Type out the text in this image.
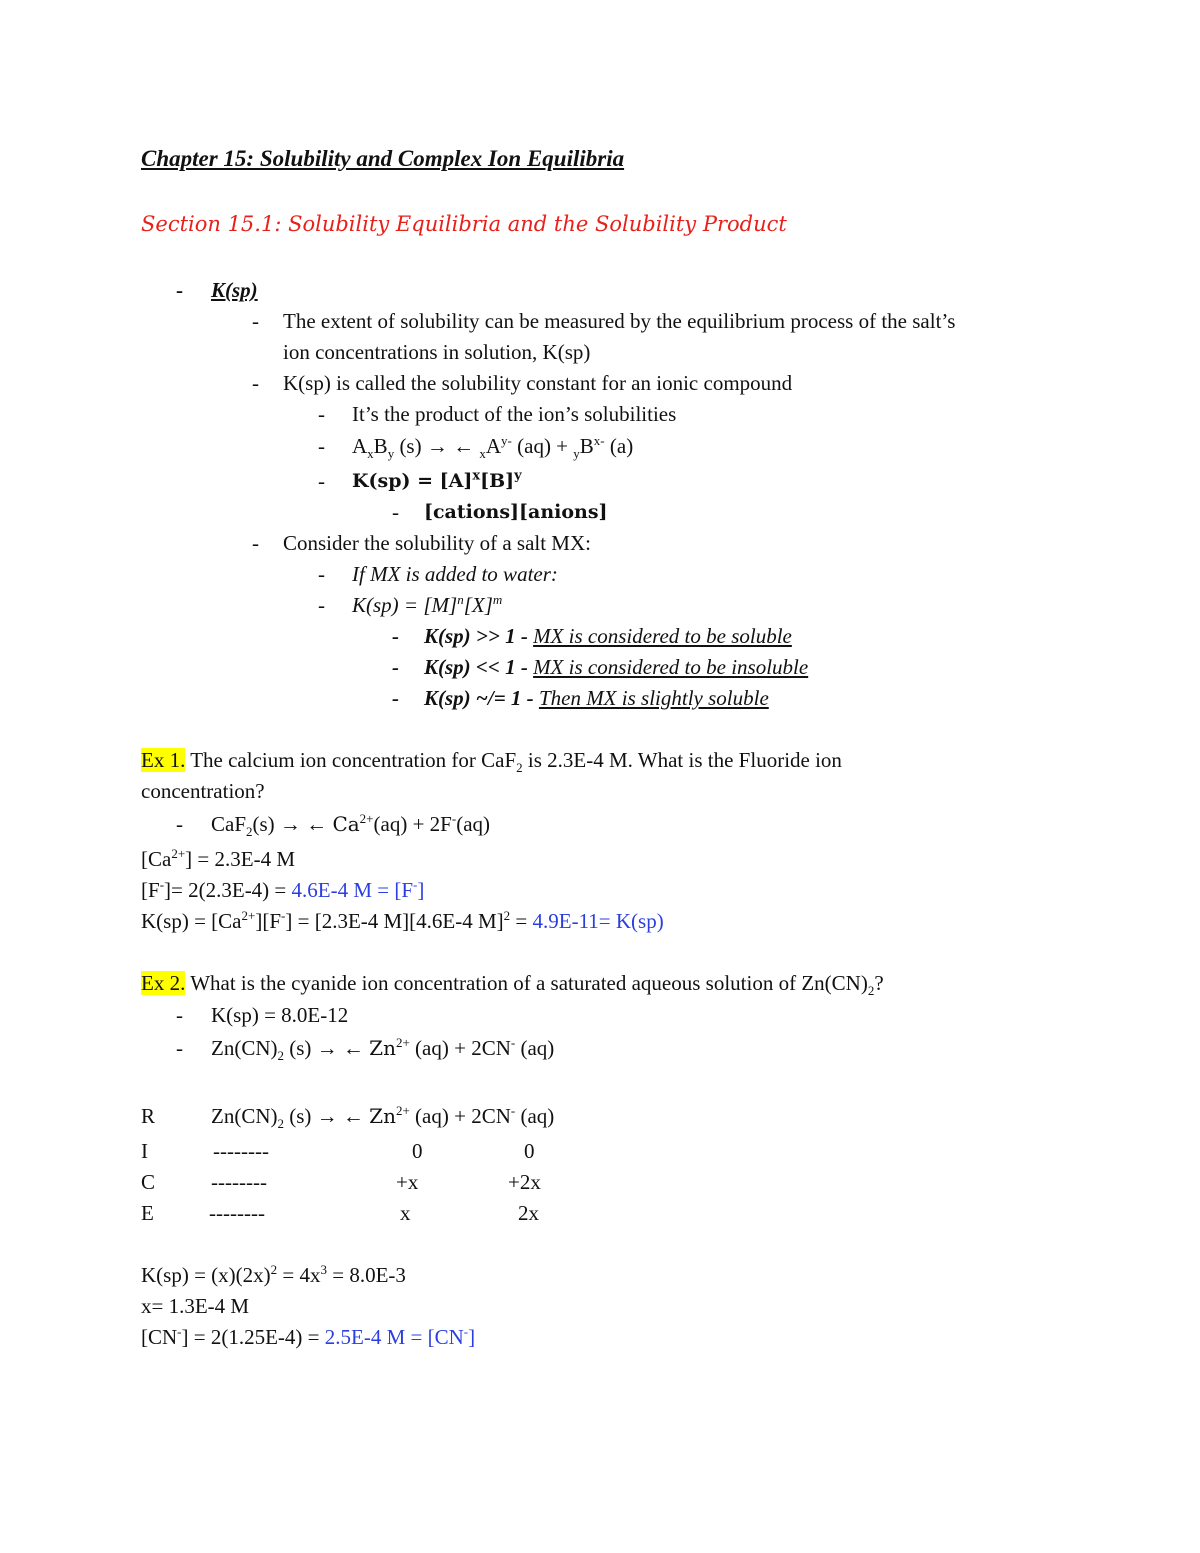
Chapter 15: Solubility and Complex Ion Equilibria
Section 15.1: Solubility Equilibria and the Solubility Product
- K(sp)
- The extent of solubility can be measured by the equilibrium process of the salt’s
ion concentrations in solution, K(sp)
- K(sp) is called the solubility constant for an ionic compound
- It’s the product of the ion’s solubilities
- $A_xB_y$ (s) → ← $_xA^{y-}$ $(aq) + _yB^{x-}$ (a)
- $K(sp) = [A]^x[B]^y$
- [cations][anions]
- Consider the solubility of a salt MX:
- If MX is added to water:
- $K(sp) = [M]^n[X]^m$
- K(sp) >> 1 - MX is considered to be soluble
- K(sp) << 1 - MX is considered to be insoluble
- K(sp) ~/= 1 - Then MX is slightly soluble
Ex 1. The calcium ion concentration for CaF$_2$ is 2.3E-4 M. What is the Fluoride ion
concentration?
- CaF$_2$(s) → ← $Ca^{2+}(aq) + 2F^-(aq)$
$[Ca^{2+}] = 2.3E-4$ M
[F-]= 2(2.3E-4) = 4.6E-4 M = [F-]
$K(sp) = [Ca^{2+}][F^-] = [2.3E-4$ M][4.6E-4 M]$^2$ = 4.9E-11= K(sp)
Ex 2. What is the cyanide ion concentration of a saturated aqueous solution of $Zn(CN)_2$?
- K(sp) = 8.0E-12
- $Zn(CN)_2$ (s) → ← $Zn^{2+}$ (aq) + 2CN- (aq)
R	$Zn(CN)_2$ (s) → ← $Zn^{2+}$ (aq) + 2CN- (aq)
I	--------	0	0
C	--------	+x	+2x
E	--------	x	2x
$K(sp) = (x)(2x)^2 = 4x^3 = 8.0E-3$
x= 1.3E-4 M
[CN-] = 2(1.25E-4) = 2.5E-4 M = [CN-]
